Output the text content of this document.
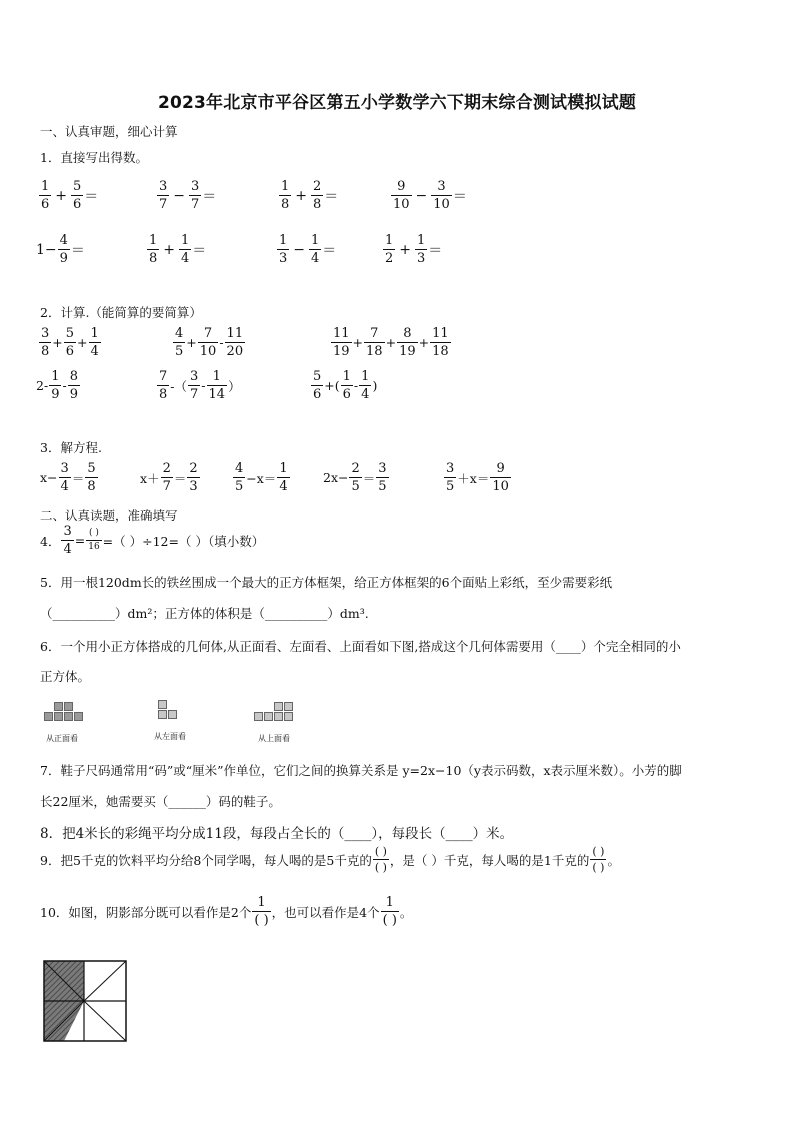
2023年北京市平谷区第五小学数学六下期末综合测试模拟试题
一、认真审题，细心计算
1．直接写出得数。
$\frac{1}{6} + \frac{5}{6}$ ＝	$\frac{3}{7} - \frac{3}{7}$ ＝	$\frac{1}{8} + \frac{2}{8}$ ＝	$\frac{9}{10} - \frac{3}{10}$ ＝
$1- \frac{4}{9}$ ＝	$\frac{1}{8} + \frac{1}{4}$ ＝	$\frac{1}{3} - \frac{1}{4}$ ＝	$\frac{1}{2} + \frac{1}{3}$ ＝
2．计算.（能简算的要简算）
$\frac{3}{8} + \frac{5}{6} + \frac{1}{4}$	$\frac{4}{5} + \frac{7}{10} - \frac{11}{20}$	$\frac{11}{19} + \frac{7}{18} + \frac{8}{19} + \frac{11}{18}$
$2- \frac{1}{9} - \frac{8}{9}$	$\frac{7}{8}$ -（ $\frac{3}{7} - \frac{1}{14}$ ）	$\frac{5}{6}$ +( $\frac{1}{6} - \frac{1}{4}$ )
3．解方程.
$x- \frac{3}{4} = \frac{5}{8}$	$x+ \frac{2}{7} = \frac{2}{3}$	$\frac{4}{5} -x= \frac{1}{4}$	$2x- \frac{2}{5} = \frac{3}{5}$	$\frac{3}{5} +x= \frac{9}{10}$
二、认真读题，准确填写
4． $\frac{3}{4} = \frac{( )}{16}$ =（ ）÷12=（ ）（填小数）
5．用一根120dm长的铁丝围成一个最大的正方体框架，给正方体框架的6个面贴上彩纸，至少需要彩纸
（__________）dm²；正方体的体积是（__________）dm³.
6．一个用小正方体搭成的几何体,从正面看、左面看、上面看如下图,搭成这个几何体需要用（____）个完全相同的小
正方体。
从正面看	从左面看	从上面看
7．鞋子尺码通常用“码”或“厘米”作单位，它们之间的换算关系是 y=2x−10（y表示码数，x表示厘米数）。小芳的脚
长22厘米，她需要买（______）码的鞋子。
8．把4米长的彩绳平均分成11段，每段占全长的（____），每段长（____）米。
9．把5千克的饮料平均分给8个同学喝，每人喝的是5千克的 $\frac{( )}{( )}$ ，是（ ）千克，每人喝的是1千克的 $\frac{( )}{( )}$ 。
10．如图，阴影部分既可以看作是2个 $\frac{1}{( )}$ ，也可以看作是4个 $\frac{1}{( )}$ 。
